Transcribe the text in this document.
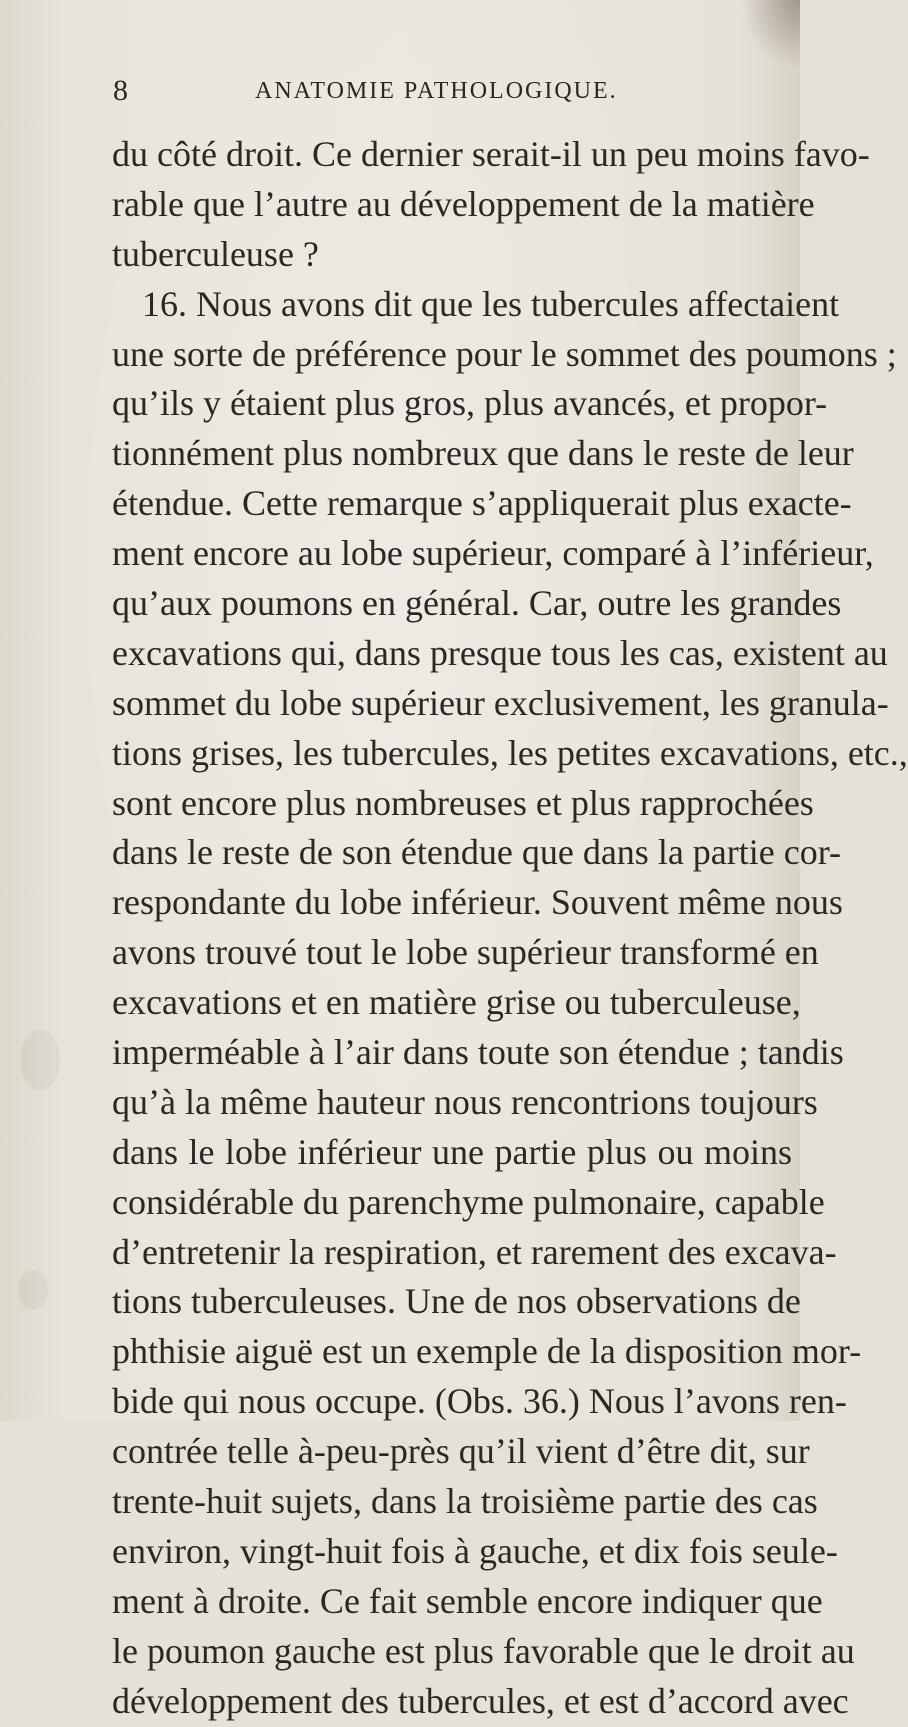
8	ANATOMIE PATHOLOGIQUE.
du côté droit. Ce dernier serait-il un peu moins favo-
rable que l’autre au développement de la matière
tuberculeuse ?
16. Nous avons dit que les tubercules affectaient
une sorte de préférence pour le sommet des poumons ;
qu’ils y étaient plus gros, plus avancés, et propor-
tionnément plus nombreux que dans le reste de leur
étendue. Cette remarque s’appliquerait plus exacte-
ment encore au lobe supérieur, comparé à l’inférieur,
qu’aux poumons en général. Car, outre les grandes
excavations qui, dans presque tous les cas, existent au
sommet du lobe supérieur exclusivement, les granula-
tions grises, les tubercules, les petites excavations, etc.,
sont encore plus nombreuses et plus rapprochées
dans le reste de son étendue que dans la partie cor-
respondante du lobe inférieur. Souvent même nous
avons trouvé tout le lobe supérieur transformé en
excavations et en matière grise ou tuberculeuse,
imperméable à l’air dans toute son étendue ; tandis
qu’à la même hauteur nous rencontrions toujours
dans le lobe inférieur une partie plus ou moins
considérable du parenchyme pulmonaire, capable
d’entretenir la respiration, et rarement des excava-
tions tuberculeuses. Une de nos observations de
phthisie aiguë est un exemple de la disposition mor-
bide qui nous occupe. (Obs. 36.) Nous l’avons ren-
contrée telle à-peu-près qu’il vient d’être dit, sur
trente-huit sujets, dans la troisième partie des cas
environ, vingt-huit fois à gauche, et dix fois seule-
ment à droite. Ce fait semble encore indiquer que
le poumon gauche est plus favorable que le droit au
développement des tubercules, et est d’accord avec
